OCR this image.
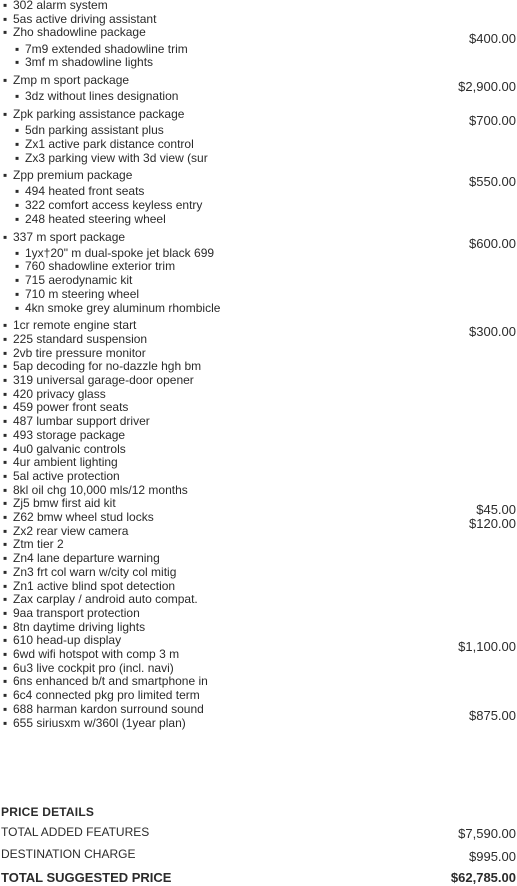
▪ 302 alarm system
▪ 5as active driving assistant
▪ Zho shadowline package	$400.00
▪ 7m9 extended shadowline trim
▪ 3mf m shadowline lights
▪ Zmp m sport package	$2,900.00
▪ 3dz without lines designation
▪ Zpk parking assistance package	$700.00
▪ 5dn parking assistant plus
▪ Zx1 active park distance control
▪ Zx3 parking view with 3d view (sur
▪ Zpp premium package	$550.00
▪ 494 heated front seats
▪ 322 comfort access keyless entry
▪ 248 heated steering wheel
▪ 337 m sport package	$600.00
▪ 1yx†20" m dual-spoke jet black 699
▪ 760 shadowline exterior trim
▪ 715 aerodynamic kit
▪ 710 m steering wheel
▪ 4kn smoke grey aluminum rhombicle
▪ 1cr remote engine start	$300.00
▪ 225 standard suspension
▪ 2vb tire pressure monitor
▪ 5ap decoding for no-dazzle hgh bm
▪ 319 universal garage-door opener
▪ 420 privacy glass
▪ 459 power front seats
▪ 487 lumbar support driver
▪ 493 storage package
▪ 4u0 galvanic controls
▪ 4ur ambient lighting
▪ 5al active protection
▪ 8kl oil chg 10,000 mls/12 months
▪ Zj5 bmw first aid kit	$45.00
▪ Z62 bmw wheel stud locks	$120.00
▪ Zx2 rear view camera
▪ Ztm tier 2
▪ Zn4 lane departure warning
▪ Zn3 frt col warn w/city col mitig
▪ Zn1 active blind spot detection
▪ Zax carplay / android auto compat.
▪ 9aa transport protection
▪ 8tn daytime driving lights
▪ 610 head-up display	$1,100.00
▪ 6wd wifi hotspot with comp 3 m
▪ 6u3 live cockpit pro (incl. navi)
▪ 6ns enhanced b/t and smartphone in
▪ 6c4 connected pkg pro limited term
▪ 688 harman kardon surround sound	$875.00
▪ 655 siriusxm w/360l (1year plan)
PRICE DETAILS
TOTAL ADDED FEATURES	$7,590.00
DESTINATION CHARGE	$995.00
TOTAL SUGGESTED PRICE	$62,785.00
